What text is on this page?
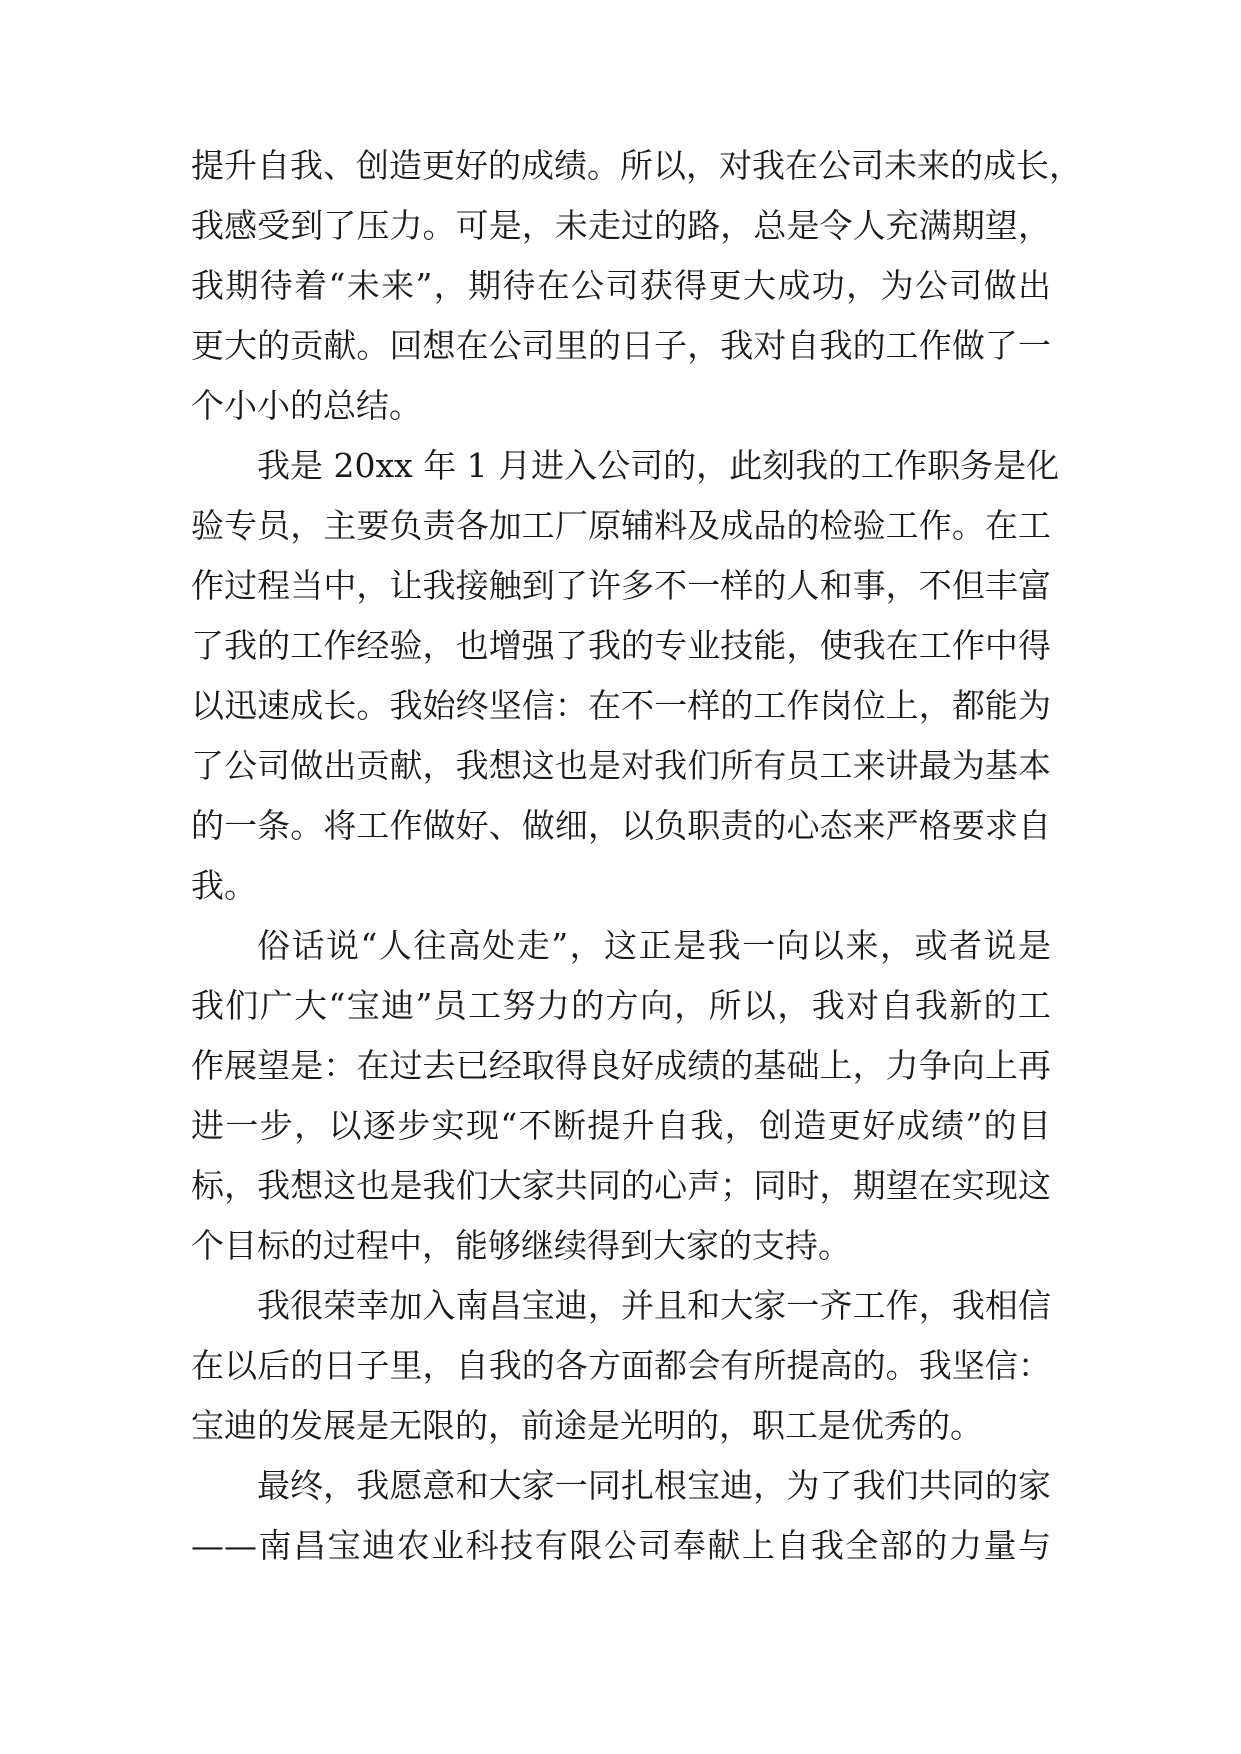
提升自我、创造更好的成绩。所以，对我在公司未来的成长，
我感受到了压力。可是，未走过的路，总是令人充满期望，
我期待着“未来”，期待在公司获得更大成功，为公司做出
更大的贡献。回想在公司里的日子，我对自我的工作做了一
个小小的总结。
我是 20xx 年 1 月进入公司的，此刻我的工作职务是化
验专员，主要负责各加工厂原辅料及成品的检验工作。在工
作过程当中，让我接触到了许多不一样的人和事，不但丰富
了我的工作经验，也增强了我的专业技能，使我在工作中得
以迅速成长。我始终坚信：在不一样的工作岗位上，都能为
了公司做出贡献，我想这也是对我们所有员工来讲最为基本
的一条。将工作做好、做细，以负职责的心态来严格要求自
我。
俗话说“人往高处走”，这正是我一向以来，或者说是
我们广大“宝迪”员工努力的方向，所以，我对自我新的工
作展望是：在过去已经取得良好成绩的基础上，力争向上再
进一步，以逐步实现“不断提升自我，创造更好成绩”的目
标，我想这也是我们大家共同的心声；同时，期望在实现这
个目标的过程中，能够继续得到大家的支持。
我很荣幸加入南昌宝迪，并且和大家一齐工作，我相信
在以后的日子里，自我的各方面都会有所提高的。我坚信：
宝迪的发展是无限的，前途是光明的，职工是优秀的。
最终，我愿意和大家一同扎根宝迪，为了我们共同的家
——南昌宝迪农业科技有限公司奉献上自我全部的力量与
